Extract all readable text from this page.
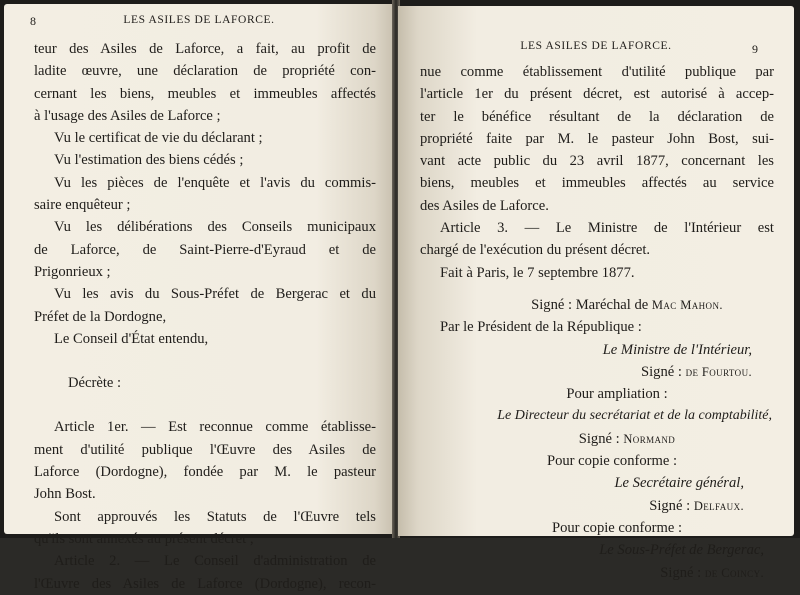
8	LES ASILES DE LAFORCE.
teur des Asiles de Laforce, a fait, au profit de
ladite œuvre, une déclaration de propriété con-
cernant les biens, meubles et immeubles affectés
à l'usage des Asiles de Laforce ;
Vu le certificat de vie du déclarant ;
Vu l'estimation des biens cédés ;
Vu les pièces de l'enquête et l'avis du commis-
saire enquêteur ;
Vu les délibérations des Conseils municipaux
de Laforce, de Saint-Pierre-d'Eyraud et de
Prigonrieux ;
Vu les avis du Sous-Préfet de Bergerac et du
Préfet de la Dordogne,
Le Conseil d'État entendu,
Décrète :
Article 1er. — Est reconnue comme établisse-
ment d'utilité publique l'Œuvre des Asiles de
Laforce (Dordogne), fondée par M. le pasteur
John Bost.
Sont approuvés les Statuts de l'Œuvre tels
qu'ils sont annexés au présent décret ;
Article 2. — Le Conseil d'administration de
l'Œuvre des Asiles de Laforce (Dordogne), recon-
LES ASILES DE LAFORCE.	9
nue comme établissement d'utilité publique par
l'article 1er du présent décret, est autorisé à accep-
ter le bénéfice résultant de la déclaration de
propriété faite par M. le pasteur John Bost, sui-
vant acte public du 23 avril 1877, concernant les
biens, meubles et immeubles affectés au service
des Asiles de Laforce.
Article 3. — Le Ministre de l'Intérieur est
chargé de l'exécution du présent décret.
Fait à Paris, le 7 septembre 1877.
Signé : Maréchal de Mac Mahon.
Par le Président de la République :
Le Ministre de l'Intérieur,
Signé : de Fourtou.
Pour ampliation :
Le Directeur du secrétariat et de la comptabilité,
Signé : Normand
Pour copie conforme :
Le Secrétaire général,
Signé : Delfaux.
Pour copie conforme :
Le Sous-Préfet de Bergerac,
Signé : de Coincy.
